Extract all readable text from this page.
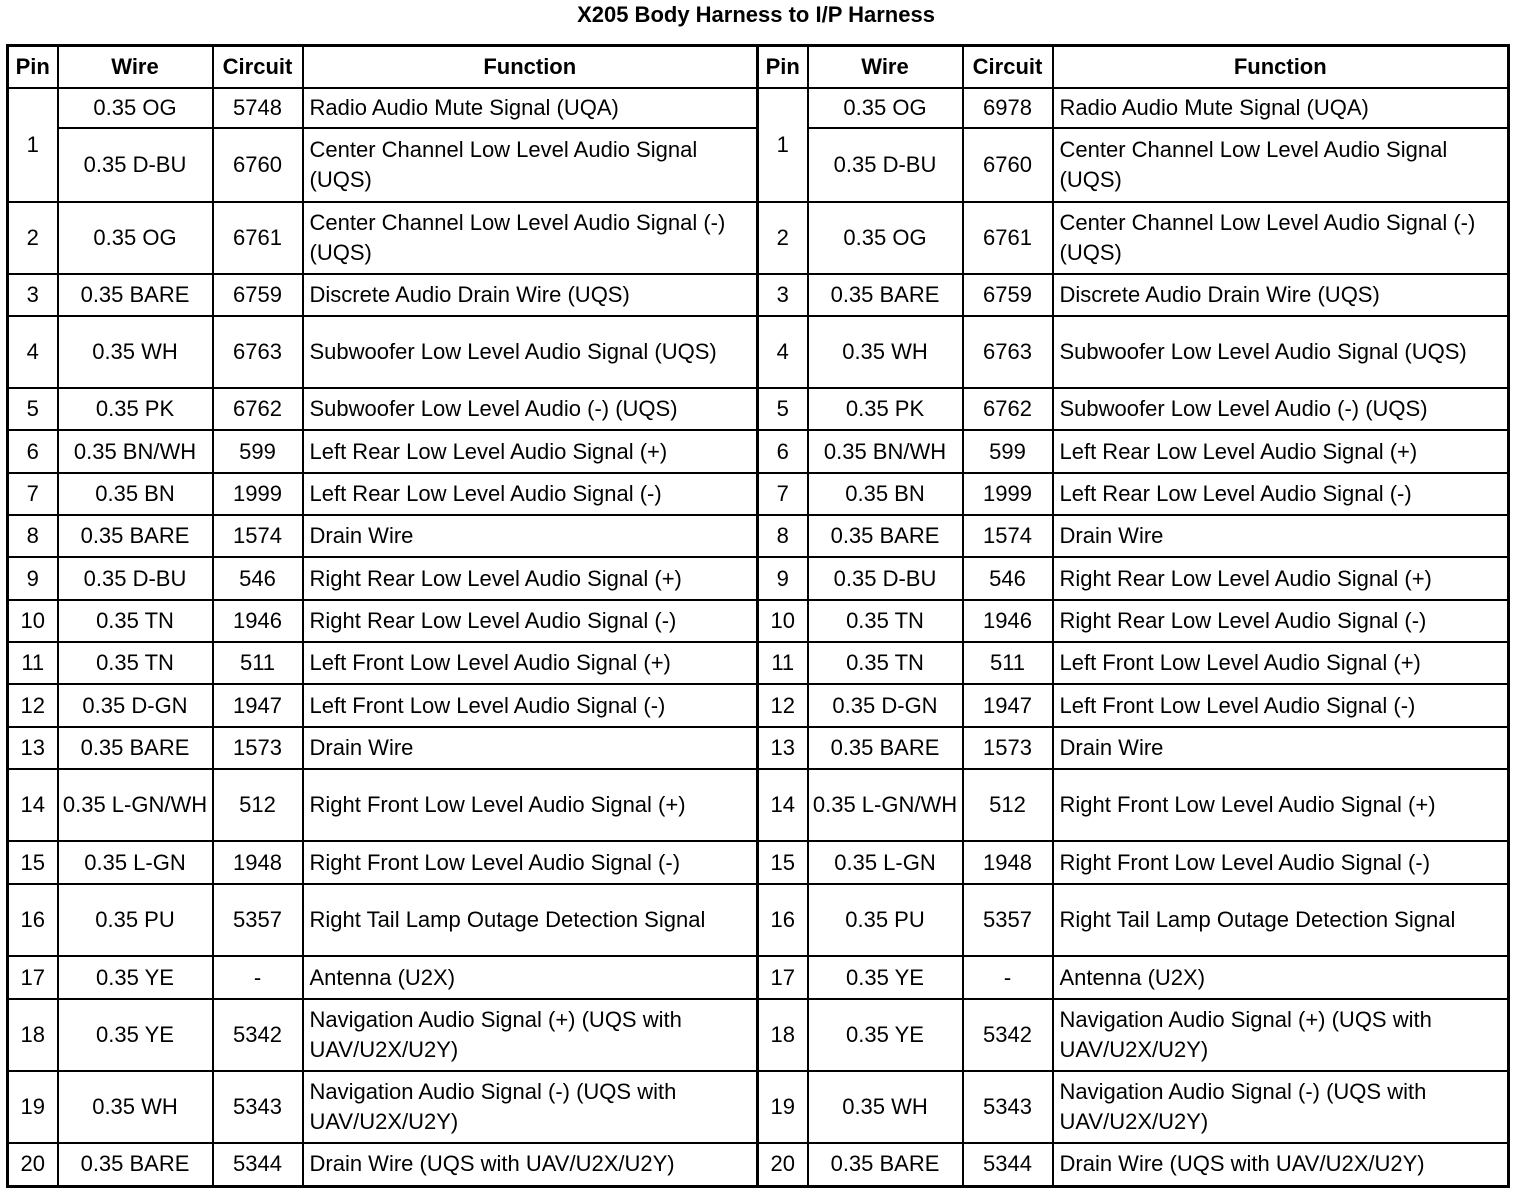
X205 Body Harness to I/P Harness
Pin	Wire	Circuit	Function	Pin	Wire	Circuit	Function
1	0.35 OG	5748	Radio Audio Mute Signal (UQA)	1	0.35 OG	6978	Radio Audio Mute Signal (UQA)
	0.35 D-BU	6760	Center Channel Low Level Audio Signal (UQS)		0.35 D-BU	6760	Center Channel Low Level Audio Signal (UQS)
2	0.35 OG	6761	Center Channel Low Level Audio Signal (-) (UQS)	2	0.35 OG	6761	Center Channel Low Level Audio Signal (-) (UQS)
3	0.35 BARE	6759	Discrete Audio Drain Wire (UQS)	3	0.35 BARE	6759	Discrete Audio Drain Wire (UQS)
4	0.35 WH	6763	Subwoofer Low Level Audio Signal (UQS)	4	0.35 WH	6763	Subwoofer Low Level Audio Signal (UQS)
5	0.35 PK	6762	Subwoofer Low Level Audio (-) (UQS)	5	0.35 PK	6762	Subwoofer Low Level Audio (-) (UQS)
6	0.35 BN/WH	599	Left Rear Low Level Audio Signal (+)	6	0.35 BN/WH	599	Left Rear Low Level Audio Signal (+)
7	0.35 BN	1999	Left Rear Low Level Audio Signal (-)	7	0.35 BN	1999	Left Rear Low Level Audio Signal (-)
8	0.35 BARE	1574	Drain Wire	8	0.35 BARE	1574	Drain Wire
9	0.35 D-BU	546	Right Rear Low Level Audio Signal (+)	9	0.35 D-BU	546	Right Rear Low Level Audio Signal (+)
10	0.35 TN	1946	Right Rear Low Level Audio Signal (-)	10	0.35 TN	1946	Right Rear Low Level Audio Signal (-)
11	0.35 TN	511	Left Front Low Level Audio Signal (+)	11	0.35 TN	511	Left Front Low Level Audio Signal (+)
12	0.35 D-GN	1947	Left Front Low Level Audio Signal (-)	12	0.35 D-GN	1947	Left Front Low Level Audio Signal (-)
13	0.35 BARE	1573	Drain Wire	13	0.35 BARE	1573	Drain Wire
14	0.35 L-GN/WH	512	Right Front Low Level Audio Signal (+)	14	0.35 L-GN/WH	512	Right Front Low Level Audio Signal (+)
15	0.35 L-GN	1948	Right Front Low Level Audio Signal (-)	15	0.35 L-GN	1948	Right Front Low Level Audio Signal (-)
16	0.35 PU	5357	Right Tail Lamp Outage Detection Signal	16	0.35 PU	5357	Right Tail Lamp Outage Detection Signal
17	0.35 YE	-	Antenna (U2X)	17	0.35 YE	-	Antenna (U2X)
18	0.35 YE	5342	Navigation Audio Signal (+) (UQS with UAV/U2X/U2Y)	18	0.35 YE	5342	Navigation Audio Signal (+) (UQS with UAV/U2X/U2Y)
19	0.35 WH	5343	Navigation Audio Signal (-) (UQS with UAV/U2X/U2Y)	19	0.35 WH	5343	Navigation Audio Signal (-) (UQS with UAV/U2X/U2Y)
20	0.35 BARE	5344	Drain Wire (UQS with UAV/U2X/U2Y)	20	0.35 BARE	5344	Drain Wire (UQS with UAV/U2X/U2Y)
